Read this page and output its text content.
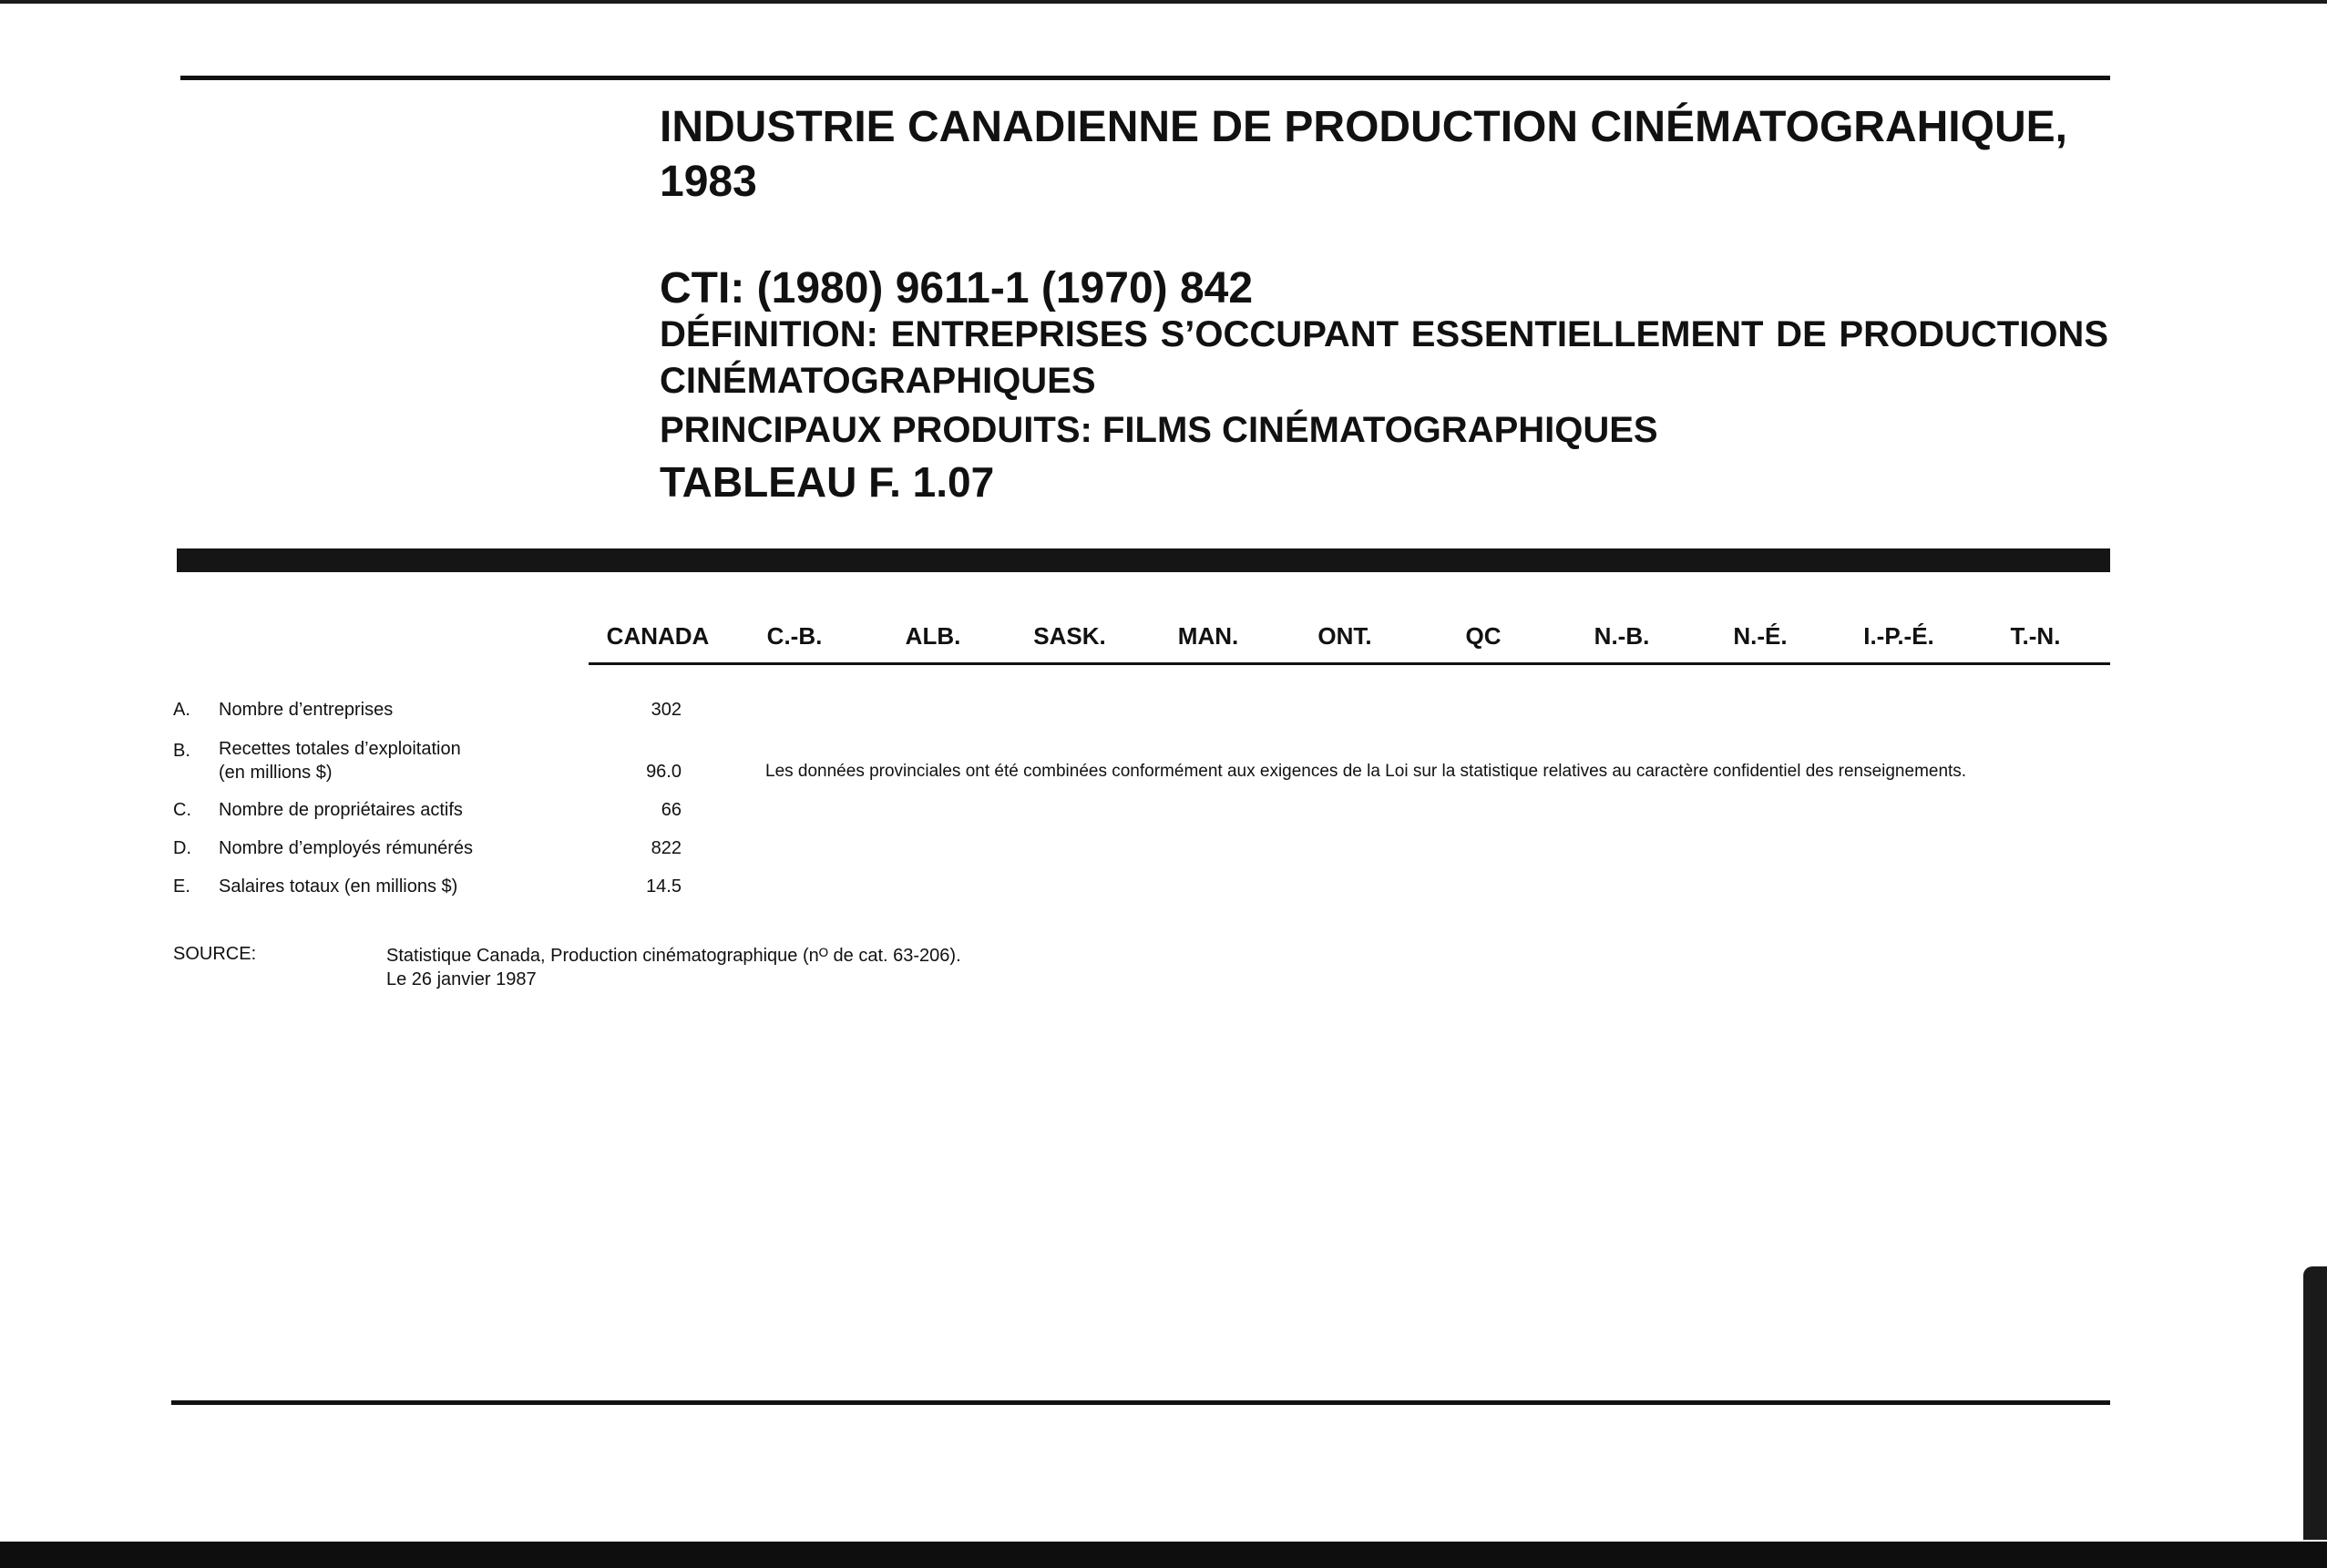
INDUSTRIE CANADIENNE DE PRODUCTION CINÉMATOGRAHIQUE, 1983
CTI: (1980) 9611-1 (1970) 842
DÉFINITION: ENTREPRISES S’OCCUPANT ESSENTIELLEMENT DE PRODUCTIONS CINÉMATOGRAPHIQUES
PRINCIPAUX PRODUITS: FILMS CINÉMATOGRAPHIQUES
TABLEAU F. 1.07
CANADA C.-B.	ALB.	SASK.	MAN.	ONT.	QC	N.-B.	N.-É.	I.-P.-É.	T.-N.
A. Nombre d’entreprises	302
B. Recettes totales d’exploitation (en millions $)	96.0	Les données provinciales ont été combinées conformément aux exigences de la Loi sur la statistique relatives au caractère confidentiel des renseignements.
C. Nombre de propriétaires actifs	66
D. Nombre d’employés rémunérés	822
E. Salaires totaux (en millions $)	14.5
SOURCE:	Statistique Canada, Production cinématographique (nᴼ de cat. 63-206).
Le 26 janvier 1987
